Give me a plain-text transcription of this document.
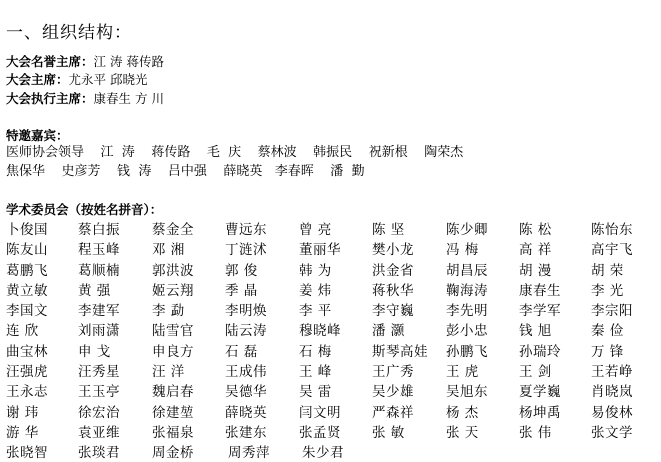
一、组织结构：
大会名誉主席：江 涛 蒋传路
大会主席：尤永平 邱晓光
大会执行主席：康春生 方 川
特邀嘉宾：
医师协会领导    江  涛    蒋传路    毛  庆    蔡林波    韩振民    祝新根    陶荣杰
焦保华    史彦芳    钱  涛    吕中强    薛晓英   李春晖    潘  勤
学术委员会（按姓名拼音）：
卜俊国 蔡白振 蔡金全 曹远东 曾 亮	陈 坚	陈少卿 陈 松	陈怡东
陈友山 程玉峰 邓 湘	丁涟沭 董丽华 樊小龙 冯 梅	高 祥	高宇飞
葛鹏飞 葛顺楠 郭洪波 郭 俊	韩 为	洪金省 胡昌辰 胡 漫	胡 荣
黄立敏 黄 强	姬云翔 季 晶	姜 炜	蒋秋华 鞠海涛 康春生 李 光
李国文 李建军 李 勐	李明焕 李 平	李守巍 李先明 李学军 李宗阳
连 欣	刘雨潇 陆雪官 陆云涛 穆晓峰 潘 灏	彭小忠 钱 旭	秦 俭
曲宝林 申 戈	申良方 石 磊	石 梅	斯琴高娃 孙鹏飞 孙瑞玲 万 锋
汪强虎 汪秀星 汪 洋	王成伟 王 峰	王广秀 王 虎	王 剑	王若峥
王永志 王玉亭 魏启春 吴德华 吴 雷	吴少雄 吴旭东 夏学巍 肖晓岚
谢 玮	徐宏治 徐建堃 薛晓英 闫文明 严森祥 杨 杰	杨坤禹 易俊林
游 华	袁亚维 张福泉 张建东 张孟贤 张 敏	张 天	张 伟	张文学
张晓智 张琰君 周金桥	周秀萍 朱少君
